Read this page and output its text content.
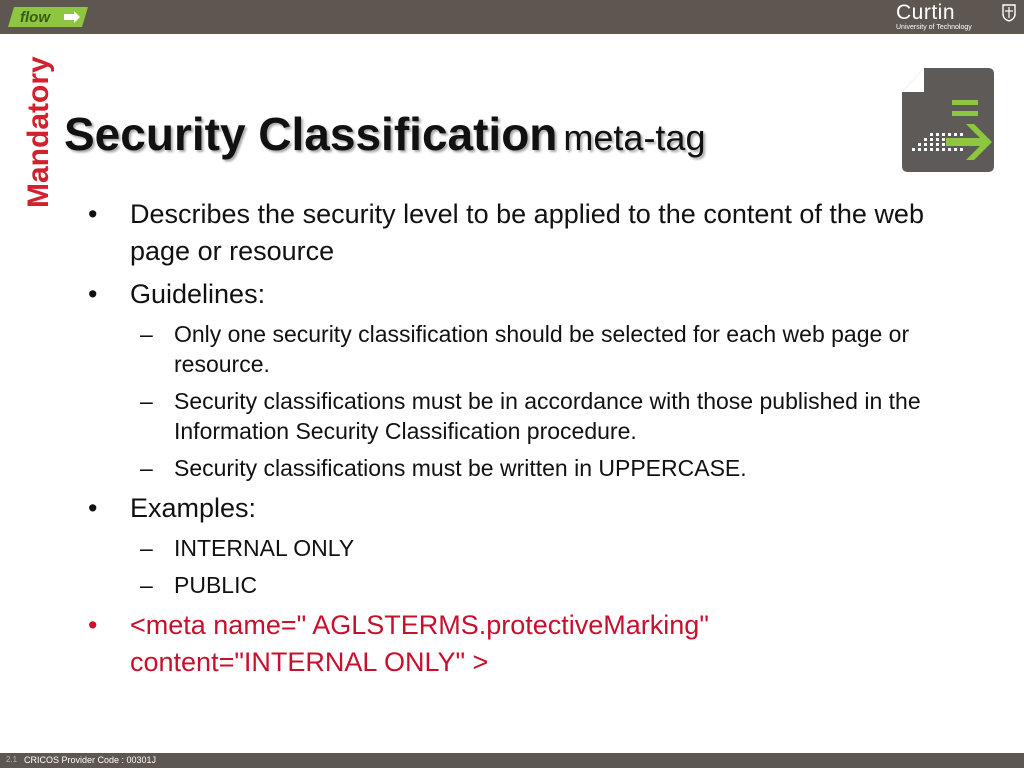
flow	Curtin
University of Technology
Mandatory Security Classification meta-tag
•	Describes the security level to be applied to the content of the web page or resource
•	Guidelines:
– Only one security classification should be selected for each web page or resource.
– Security classifications must be in accordance with those published in the Information Security Classification procedure.
– Security classifications must be written in UPPERCASE.
•	Examples:
– INTERNAL ONLY
– PUBLIC
•	<meta name=" AGLSTERMS.protectiveMarking" content="INTERNAL ONLY" >
2.1 CRICOS Provider Code : 00301J
